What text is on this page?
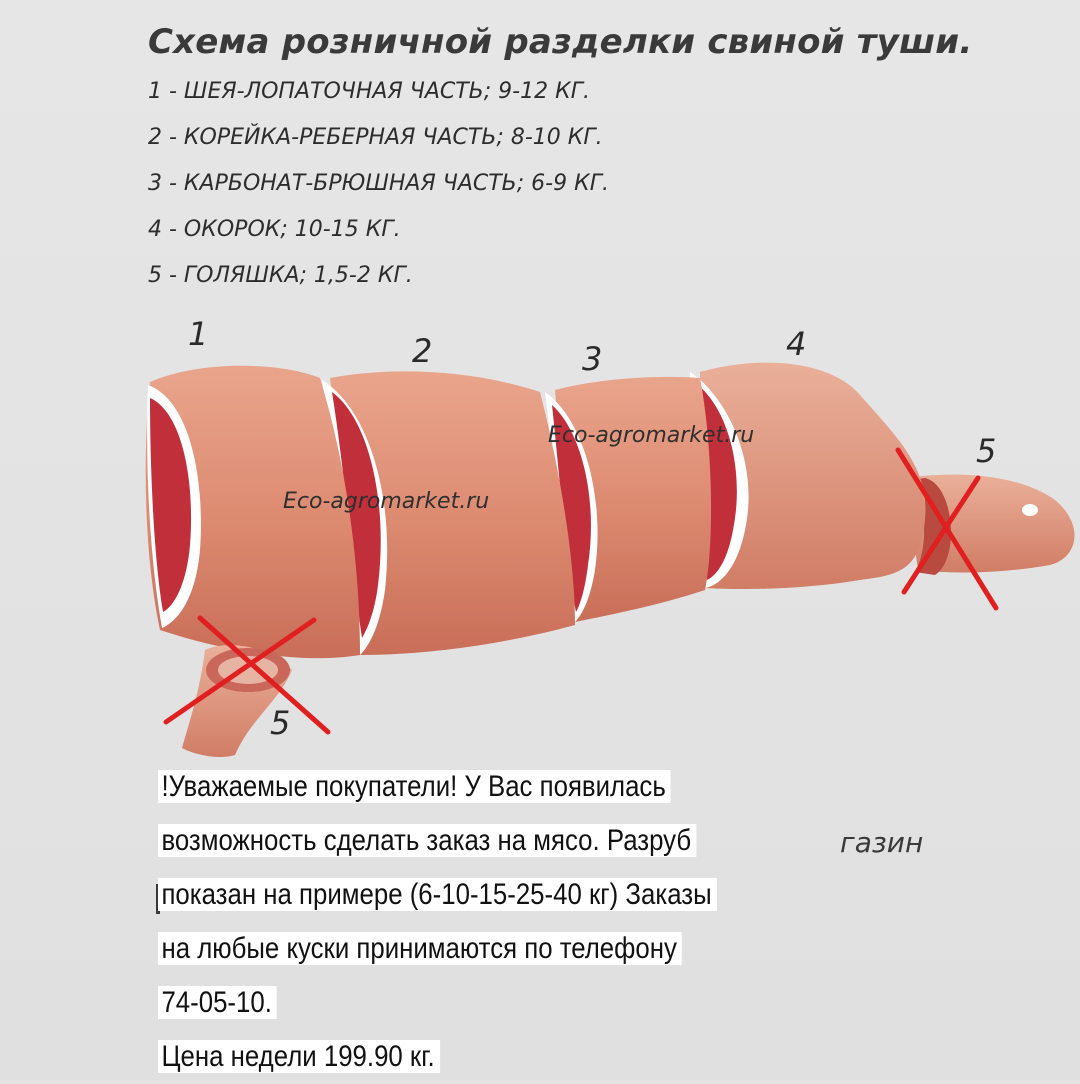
Схема розничной разделки свиной туши.
1 - ШЕЯ-ЛОПАТОЧНАЯ ЧАСТЬ; 9-12 КГ.
2 - КОРЕЙКА-РЕБЕРНАЯ ЧАСТЬ; 8-10 КГ.
3 - КАРБОНАТ-БРЮШНАЯ ЧАСТЬ; 6-9 КГ.
4 - ОКОРОК; 10-15 КГ.
5 - ГОЛЯШКА; 1,5-2 КГ.
1	2	3	4
5
5
Eco-agromarket.ru
Eco-agromarket.ru
газин
!Уважаемые покупатели! У Вас появилась
возможность сделать заказ на мясо. Разруб
показан на примере (6-10-15-25-40 кг) Заказы
на любые куски принимаются по телефону
74-05-10.
Цена недели 199.90 кг.
